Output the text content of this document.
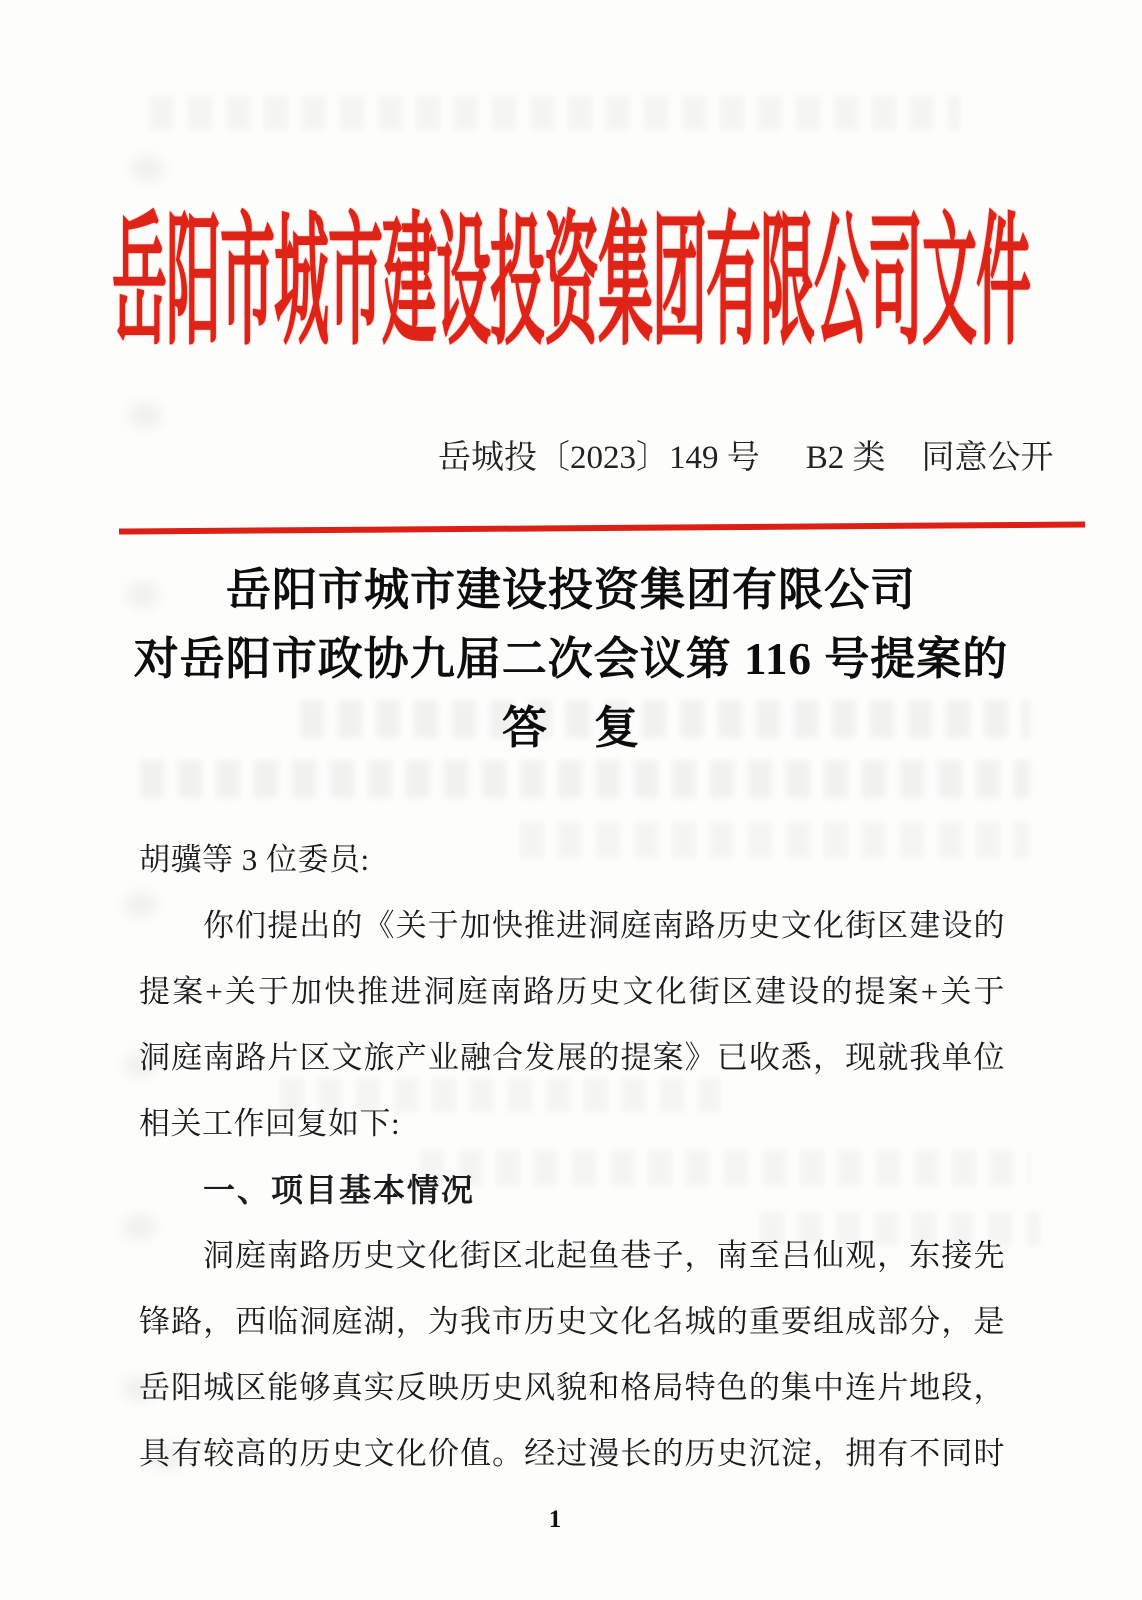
岳阳市城市建设投资集团有限公司文件
岳城投〔2023〕149 号 B2 类 同意公开
岳阳市城市建设投资集团有限公司
对岳阳市政协九届二次会议第 116 号提案的
答　复
胡骥等 3 位委员:
你们提出的《关于加快推进洞庭南路历史文化街区建设的
提案+关于加快推进洞庭南路历史文化街区建设的提案+关于
洞庭南路片区文旅产业融合发展的提案》已收悉，现就我单位
相关工作回复如下:
一、项目基本情况
洞庭南路历史文化街区北起鱼巷子，南至吕仙观，东接先
锋路，西临洞庭湖，为我市历史文化名城的重要组成部分，是
岳阳城区能够真实反映历史风貌和格局特色的集中连片地段，
具有较高的历史文化价值。经过漫长的历史沉淀，拥有不同时
1
